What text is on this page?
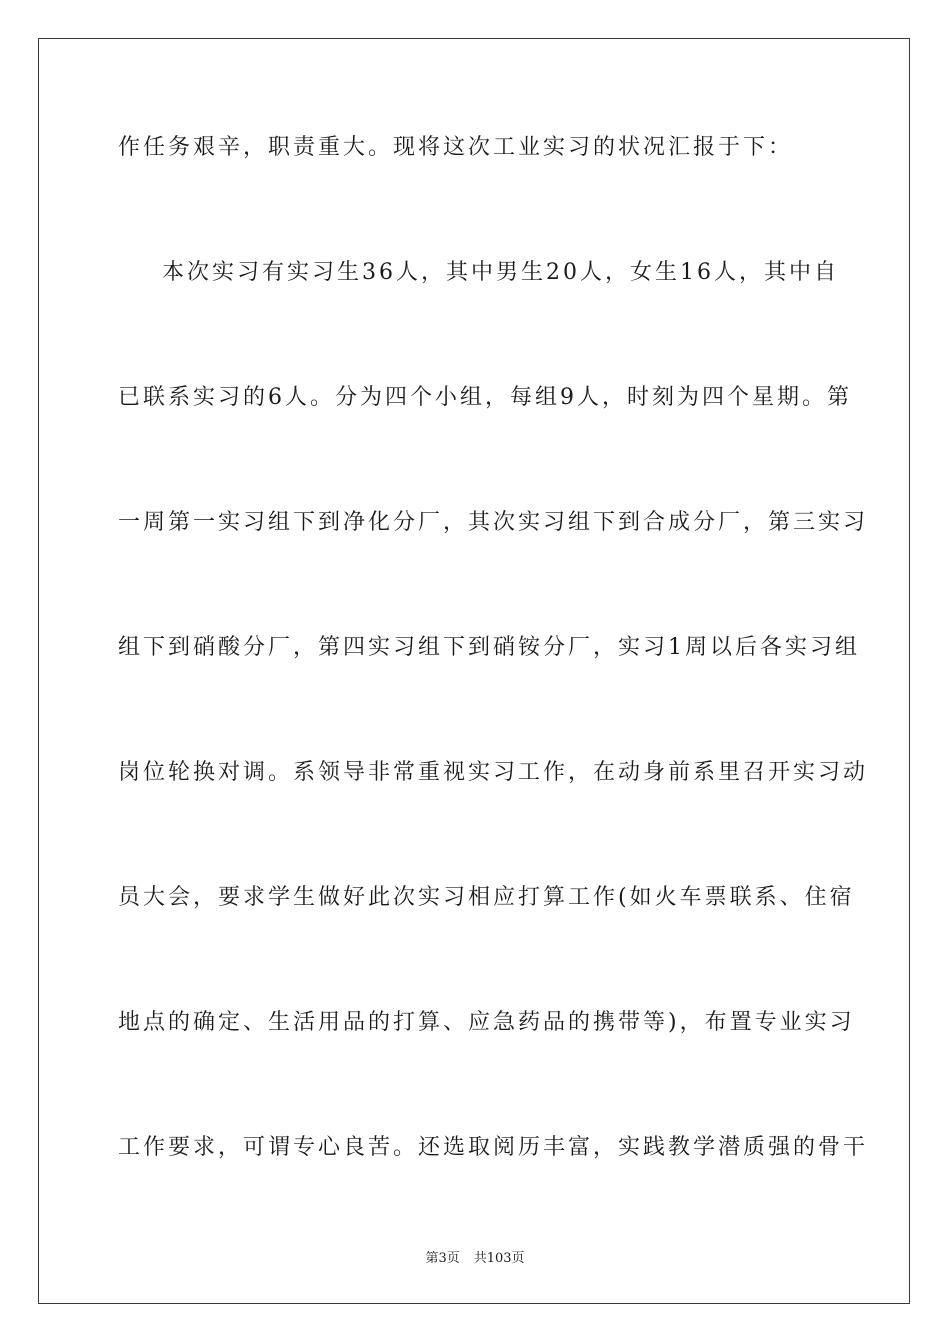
作任务艰辛，职责重大。现将这次工业实习的状况汇报于下：
本次实习有实习生36人，其中男生20人，女生16人，其中自
已联系实习的6人。分为四个小组，每组9人，时刻为四个星期。第
一周第一实习组下到净化分厂，其次实习组下到合成分厂，第三实习
组下到硝酸分厂，第四实习组下到硝铵分厂，实习1周以后各实习组
岗位轮换对调。系领导非常重视实习工作，在动身前系里召开实习动
员大会，要求学生做好此次实习相应打算工作(如火车票联系、住宿
地点的确定、生活用品的打算、应急药品的携带等)，布置专业实习
工作要求，可谓专心良苦。还选取阅历丰富，实践教学潜质强的骨干
第3页 共103页
